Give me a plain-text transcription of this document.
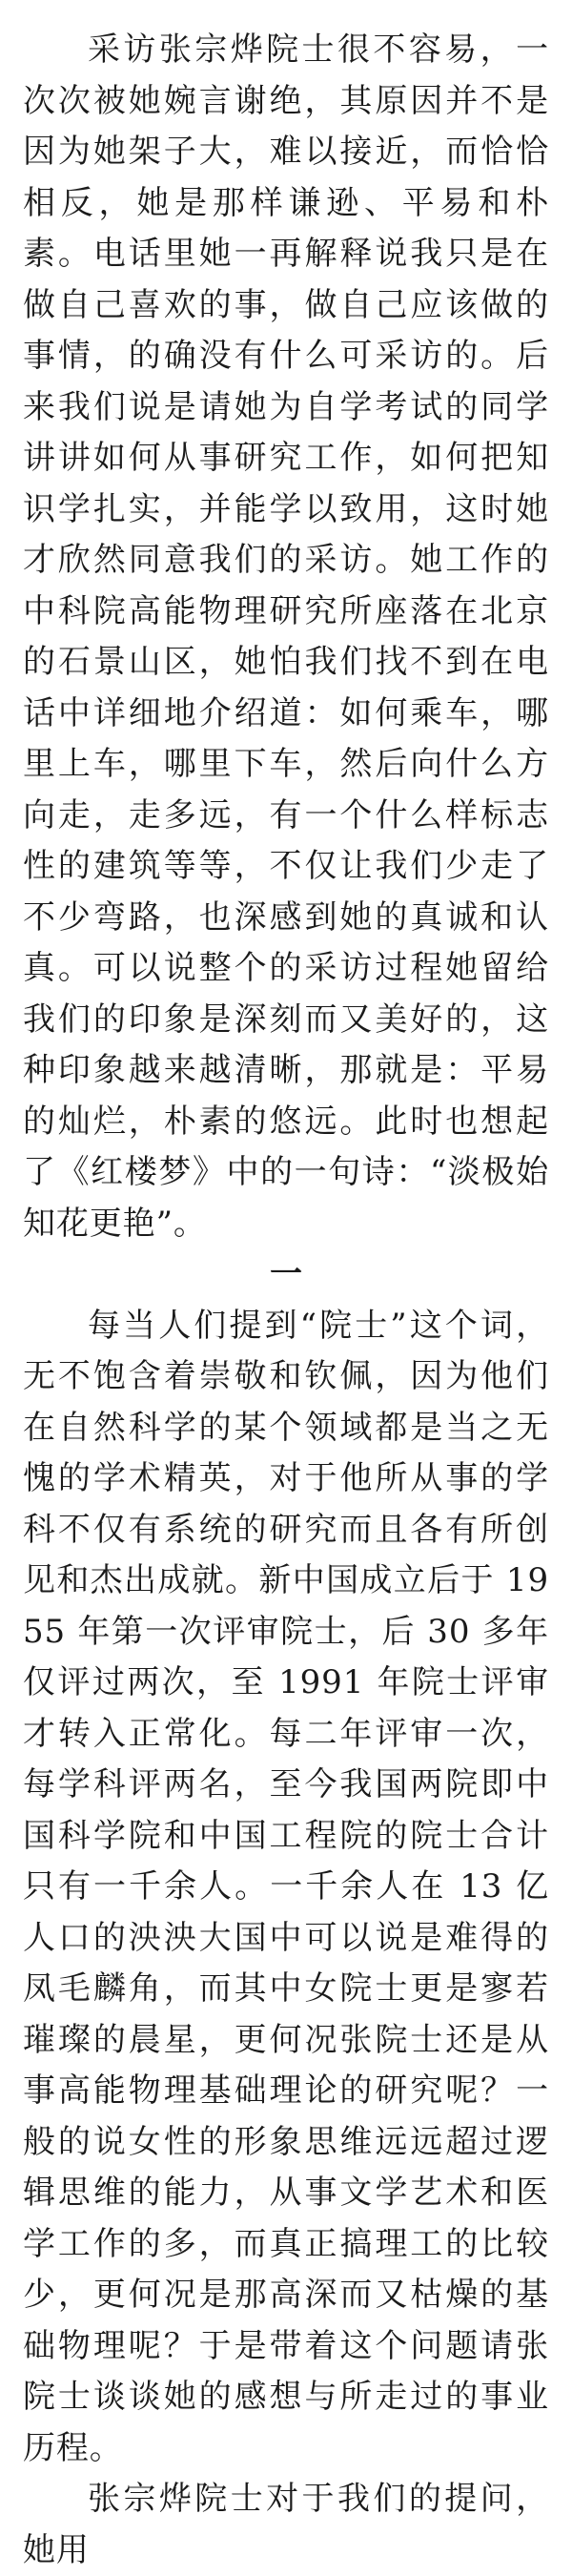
采访张宗烨院士很不容易，一次次被她婉言谢绝，其原因并不是因为她架子大，难以接近，而恰恰相反，她是那样谦逊、平易和朴素。电话里她一再解释说我只是在做自己喜欢的事，做自己应该做的事情，的确没有什么可采访的。后来我们说是请她为自学考试的同学讲讲如何从事研究工作，如何把知识学扎实，并能学以致用，这时她才欣然同意我们的采访。她工作的中科院高能物理研究所座落在北京的石景山区，她怕我们找不到在电话中详细地介绍道：如何乘车，哪里上车，哪里下车，然后向什么方向走，走多远，有一个什么样标志性的建筑等等，不仅让我们少走了不少弯路，也深感到她的真诚和认真。可以说整个的采访过程她留给我们的印象是深刻而又美好的，这种印象越来越清晰，那就是：平易的灿烂，朴素的悠远。此时也想起了《红楼梦》中的一句诗：“淡极始知花更艳”。

一

每当人们提到“院士”这个词，无不饱含着崇敬和钦佩，因为他们在自然科学的某个领域都是当之无愧的学术精英，对于他所从事的学科不仅有系统的研究而且各有所创见和杰出成就。新中国成立后于 1955 年第一次评审院士，后 30 多年仅评过两次，至 1991 年院士评审才转入正常化。每二年评审一次，每学科评两名，至今我国两院即中国科学院和中国工程院的院士合计只有一千余人。一千余人在 13 亿人口的泱泱大国中可以说是难得的凤毛麟角，而其中女院士更是寥若璀璨的晨星，更何况张院士还是从事高能物理基础理论的研究呢？一般的说女性的形象思维远远超过逻辑思维的能力，从事文学艺术和医学工作的多，而真正搞理工的比较少，更何况是那高深而又枯燥的基础物理呢？于是带着这个问题请张院士谈谈她的感想与所走过的事业历程。

张宗烨院士对于我们的提问，她用
